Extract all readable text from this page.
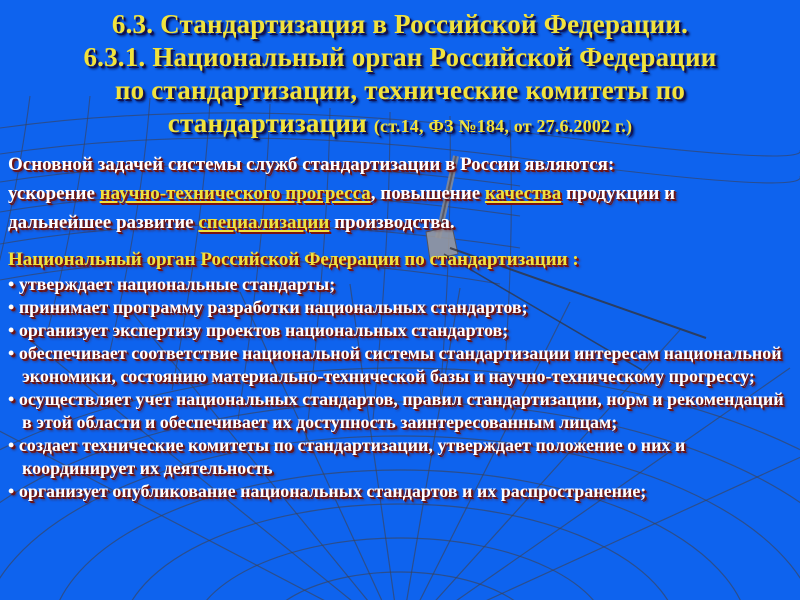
6.3. Стандартизация в Российской Федерации.
6.3.1. Национальный орган Российской Федерации
по стандартизации, технические комитеты по
стандартизации (ст.14, ФЗ №184, от 27.6.2002 г.)
Основной задачей системы служб стандартизации в России являются:
ускорение научно-технического прогресса, повышение качества продукции и
дальнейшее развитие специализации производства.
Национальный орган Российской Федерации по стандартизации :
• утверждает национальные стандарты;
• принимает программу разработки национальных стандартов;
• организует экспертизу проектов национальных стандартов;
• обеспечивает соответствие национальной системы стандартизации интересам национальной экономики, состоянию материально-технической базы и научно-техническому прогрессу;
• осуществляет учет национальных стандартов, правил стандартизации, норм и рекомендаций в этой области и обеспечивает их доступность заинтересованным лицам;
• создает технические комитеты по стандартизации, утверждает положение о них и координирует их деятельность
• организует опубликование национальных стандартов и их распространение;
